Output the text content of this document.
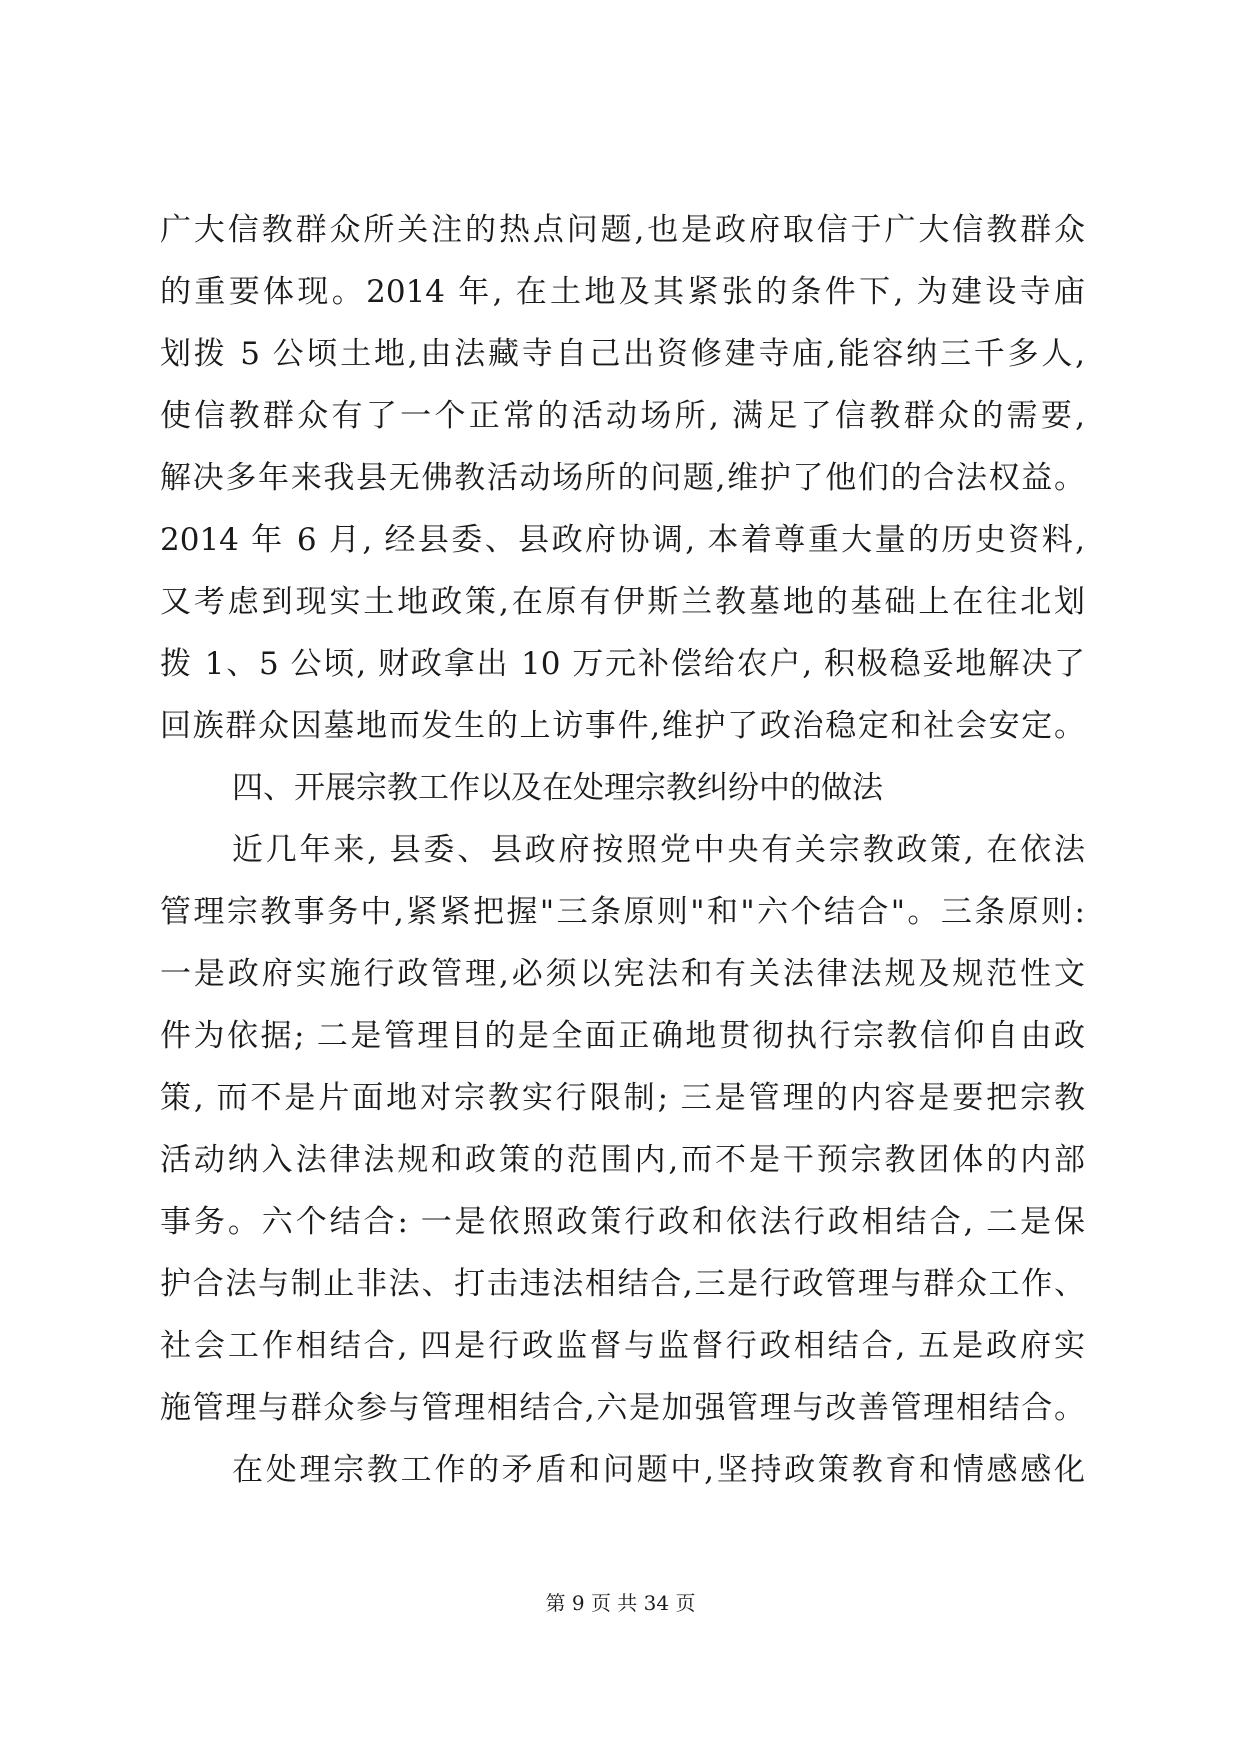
广大信教群众所关注的热点问题,也是政府取信于广大信教群众
的重要体现。2014 年, 在土地及其紧张的条件下, 为建设寺庙
划拨 5 公顷土地,由法藏寺自己出资修建寺庙,能容纳三千多人,
使信教群众有了一个正常的活动场所, 满足了信教群众的需要,
解决多年来我县无佛教活动场所的问题,维护了他们的合法权益。
2014 年 6 月, 经县委、县政府协调, 本着尊重大量的历史资料,
又考虑到现实土地政策,在原有伊斯兰教墓地的基础上在往北划
拨 1、5 公顷, 财政拿出 10 万元补偿给农户, 积极稳妥地解决了
回族群众因墓地而发生的上访事件,维护了政治稳定和社会安定。
四、开展宗教工作以及在处理宗教纠纷中的做法
近几年来, 县委、县政府按照党中央有关宗教政策, 在依法
管理宗教事务中,紧紧把握"三条原则"和"六个结合"。三条原则:
一是政府实施行政管理,必须以宪法和有关法律法规及规范性文
件为依据; 二是管理目的是全面正确地贯彻执行宗教信仰自由政
策, 而不是片面地对宗教实行限制; 三是管理的内容是要把宗教
活动纳入法律法规和政策的范围内,而不是干预宗教团体的内部
事务。六个结合: 一是依照政策行政和依法行政相结合, 二是保
护合法与制止非法、打击违法相结合,三是行政管理与群众工作、
社会工作相结合, 四是行政监督与监督行政相结合, 五是政府实
施管理与群众参与管理相结合,六是加强管理与改善管理相结合。
在处理宗教工作的矛盾和问题中,坚持政策教育和情感感化
第 9 页 共 34 页
